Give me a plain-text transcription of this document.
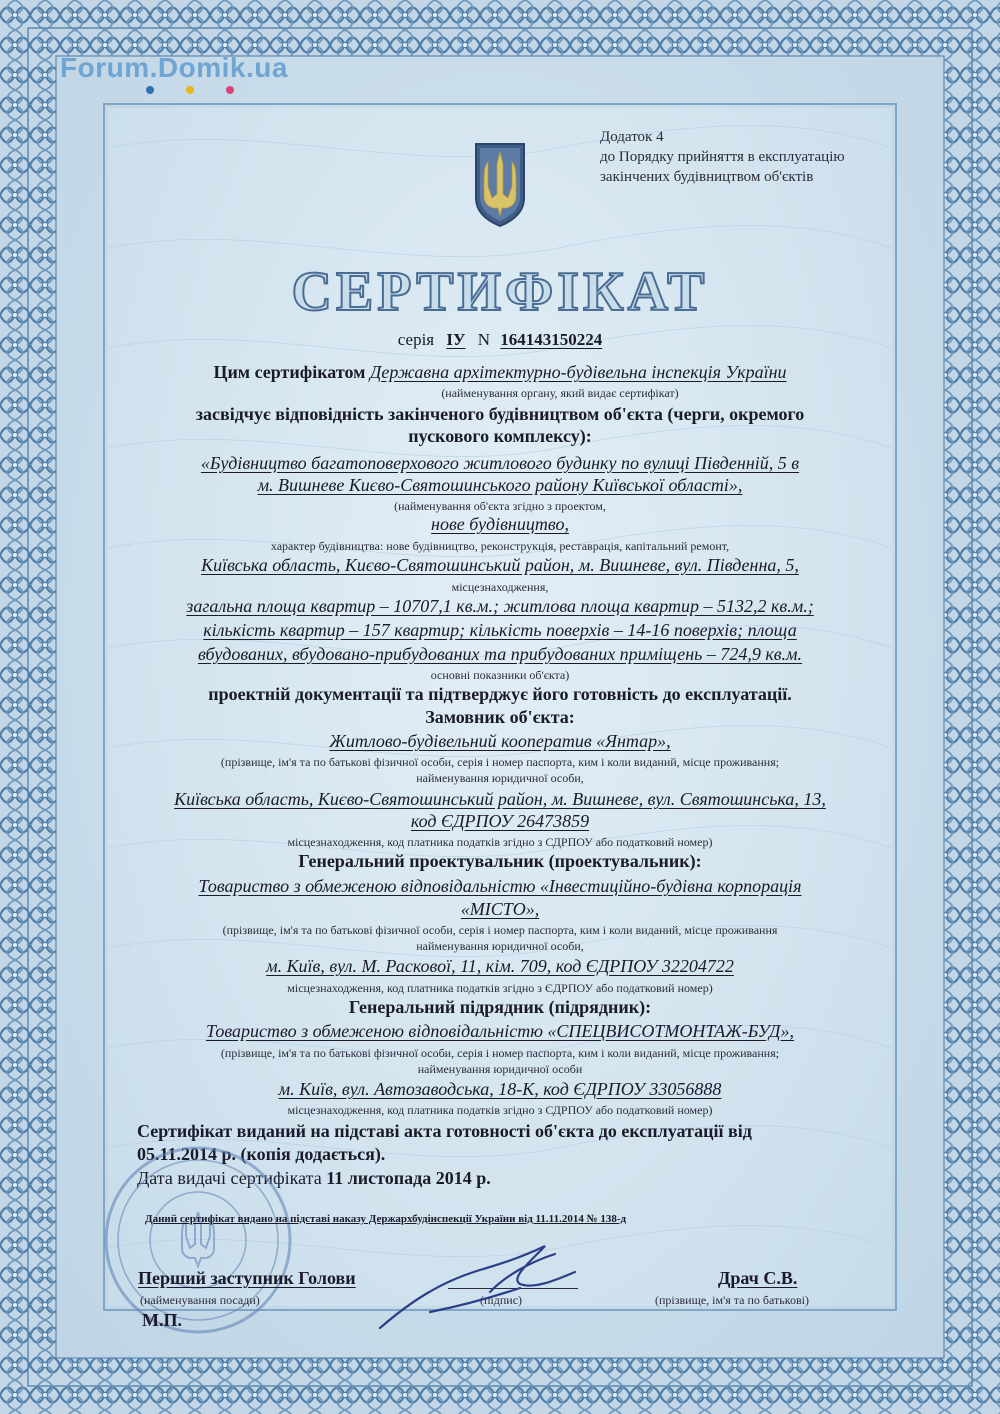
Forum.Domik.ua
Додаток 4
до Порядку прийняття в експлуатацію
закінчених будівництвом об'єктів
СЕРТИФІКАТ
серія ІУ N 164143150224
Цим сертифікатом Державна архітектурно-будівельна інспекція України
(найменування органу, який видає сертифікат)
засвідчує відповідність закінченого будівництвом об'єкта (черги, окремого
пускового комплексу):
«Будівництво багатоповерхового житлового будинку по вулиці Південній, 5 в
м. Вишневе Києво-Святошинського району Київської області»,
(найменування об'єкта згідно з проектом,
нове будівництво,
характер будівництва: нове будівництво, реконструкція, реставрація, капітальний ремонт,
Київська область, Києво-Святошинський район, м. Вишневе, вул. Південна, 5,
місцезнаходження,
загальна площа квартир – 10707,1 кв.м.; житлова площа квартир – 5132,2 кв.м.;
кількість квартир – 157 квартир; кількість поверхів – 14-16 поверхів; площа
вбудованих, вбудовано-прибудованих та прибудованих приміщень – 724,9 кв.м.
основні показники об'єкта)
проектній документації та підтверджує його готовність до експлуатації.
Замовник об'єкта:
Житлово-будівельний кооператив «Янтар»,
(прізвище, ім'я та по батькові фізичної особи, серія і номер паспорта, ким і коли виданий, місце проживання;
найменування юридичної особи,
Київська область, Києво-Святошинський район, м. Вишневе, вул. Святошинська, 13,
код ЄДРПОУ 26473859
місцезнаходження, код платника податків згідно з СДРПОУ або податковий номер)
Генеральний проектувальник (проектувальник):
Товариство з обмеженою відповідальністю «Інвестиційно-будівна корпорація
«МІСТО»,
(прізвище, ім'я та по батькові фізичної особи, серія і номер паспорта, ким і коли виданий, місце проживання
найменування юридичної особи,
м. Київ, вул. М. Раскової, 11, кім. 709, код ЄДРПОУ 32204722
місцезнаходження, код платника податків згідно з ЄДРПОУ або податковий номер)
Генеральний підрядник (підрядник):
Товариство з обмеженою відповідальністю «СПЕЦВИСОТМОНТАЖ-БУД»,
(прізвище, ім'я та по батькові фізичної особи, серія і номер паспорта, ким і коли виданий, місце проживання;
найменування юридичної особи
м. Київ, вул. Автозаводська, 18-К, код ЄДРПОУ 33056888
місцезнаходження, код платника податків згідно з СДРПОУ або податковий номер)
Сертифікат виданий на підставі акта готовності об'єкта до експлуатації від
05.11.2014 р. (копія додається).
Дата видачі сертифіката 11 листопада 2014 р.
Даний сертифікат видано на підставі наказу Держархбудінспекції України від 11.11.2014 № 138-д
Перший заступник Голови
(найменування посади)	(підпис)
Драч С.В.
(прізвище, ім'я та по батькові)
М.П.
